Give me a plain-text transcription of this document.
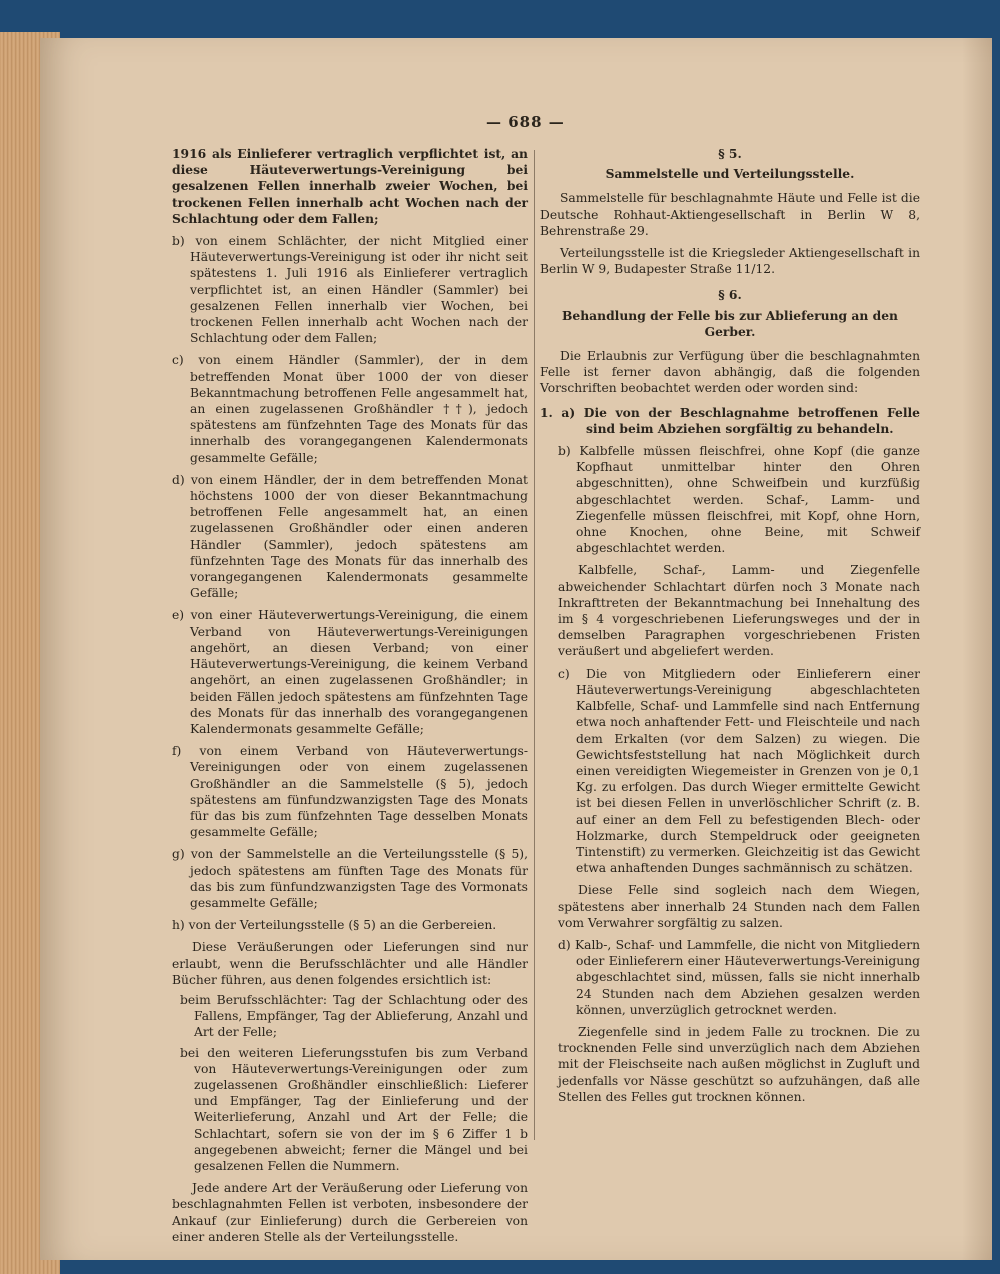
— 688 —

1916 als Einlieferer vertraglich verpflichtet ist, an diese Häuteverwertungs-Vereinigung bei gesalzenen Fellen innerhalb zweier Wochen, bei trockenen Fellen innerhalb acht Wochen nach der Schlachtung oder dem Fallen;

b) von einem Schlächter, der nicht Mitglied einer Häuteverwertungs-Vereinigung ist oder ihr nicht seit spätestens 1. Juli 1916 als Einlieferer vertraglich verpflichtet ist, an einen Händler (Sammler) bei gesalzenen Fellen innerhalb vier Wochen, bei trockenen Fellen innerhalb acht Wochen nach der Schlachtung oder dem Fallen;

c) von einem Händler (Sammler), der in dem betreffenden Monat über 1000 der von dieser Bekanntmachung betroffenen Felle angesammelt hat, an einen zugelassenen Großhändler ††), jedoch spätestens am fünfzehnten Tage des Monats für das innerhalb des vorangegangenen Kalendermonats gesammelte Gefälle;

d) von einem Händler, der in dem betreffenden Monat höchstens 1000 der von dieser Bekanntmachung betroffenen Felle angesammelt hat, an einen zugelassenen Großhändler oder einen anderen Händler (Sammler), jedoch spätestens am fünfzehnten Tage des Monats für das innerhalb des vorangegangenen Kalendermonats gesammelte Gefälle;

e) von einer Häuteverwertungs-Vereinigung, die einem Verband von Häuteverwertungs-Vereinigungen angehört, an diesen Verband; von einer Häuteverwertungs-Vereinigung, die keinem Verband angehört, an einen zugelassenen Großhändler; in beiden Fällen jedoch spätestens am fünfzehnten Tage des Monats für das innerhalb des vorangegangenen Kalendermonats gesammelte Gefälle;

f) von einem Verband von Häuteverwertungs-Vereinigungen oder von einem zugelassenen Großhändler an die Sammelstelle (§ 5), jedoch spätestens am fünfundzwanzigsten Tage des Monats für das bis zum fünfzehnten Tage desselben Monats gesammelte Gefälle;

g) von der Sammelstelle an die Verteilungsstelle (§ 5), jedoch spätestens am fünften Tage des Monats für das bis zum fünfundzwanzigsten Tage des Vormonats gesammelte Gefälle;

h) von der Verteilungsstelle (§ 5) an die Gerbereien.

Diese Veräußerungen oder Lieferungen sind nur erlaubt, wenn die Berufsschlächter und alle Händler Bücher führen, aus denen folgendes ersichtlich ist:

beim Berufsschlächter: Tag der Schlachtung oder des Fallens, Empfänger, Tag der Ablieferung, Anzahl und Art der Felle;

bei den weiteren Lieferungsstufen bis zum Verband von Häuteverwertungs-Vereinigungen oder zum zugelassenen Großhändler einschließlich: Lieferer und Empfänger, Tag der Einlieferung und der Weiterlieferung, Anzahl und Art der Felle; die Schlachtart, sofern sie von der im § 6 Ziffer 1 b angegebenen abweicht; ferner die Mängel und bei gesalzenen Fellen die Nummern.

Jede andere Art der Veräußerung oder Lieferung von beschlagnahmten Fellen ist verboten, insbesondere der Ankauf (zur Einlieferung) durch die Gerbereien von einer anderen Stelle als der Verteilungsstelle.

§ 5.

Sammelstelle und Verteilungsstelle.

Sammelstelle für beschlagnahmte Häute und Felle ist die Deutsche Rohhaut-Aktiengesellschaft in Berlin W 8, Behrenstraße 29.

Verteilungsstelle ist die Kriegsleder Aktiengesellschaft in Berlin W 9, Budapester Straße 11/12.

§ 6.

Behandlung der Felle bis zur Ablieferung an den Gerber.

Die Erlaubnis zur Verfügung über die beschlagnahmten Felle ist ferner davon abhängig, daß die folgenden Vorschriften beobachtet werden oder worden sind:

1. a) Die von der Beschlagnahme betroffenen Felle sind beim Abziehen sorgfältig zu behandeln.

b) Kalbfelle müssen fleischfrei, ohne Kopf (die ganze Kopfhaut unmittelbar hinter den Ohren abgeschnitten), ohne Schweifbein und kurzfüßig abgeschlachtet werden. Schaf-, Lamm- und Ziegenfelle müssen fleischfrei, mit Kopf, ohne Horn, ohne Knochen, ohne Beine, mit Schweif abgeschlachtet werden.

Kalbfelle, Schaf-, Lamm- und Ziegenfelle abweichender Schlachtart dürfen noch 3 Monate nach Inkrafttreten der Bekanntmachung bei Innehaltung des im § 4 vorgeschriebenen Lieferungsweges und der in demselben Paragraphen vorgeschriebenen Fristen veräußert und abgeliefert werden.

c) Die von Mitgliedern oder Einlieferern einer Häuteverwertungs-Vereinigung abgeschlachteten Kalbfelle, Schaf- und Lammfelle sind nach Entfernung etwa noch anhaftender Fett- und Fleischteile und nach dem Erkalten (vor dem Salzen) zu wiegen. Die Gewichtsfeststellung hat nach Möglichkeit durch einen vereidigten Wiegemeister in Grenzen von je 0,1 Kg. zu erfolgen. Das durch Wieger ermittelte Gewicht ist bei diesen Fellen in unverlöschlicher Schrift (z. B. auf einer an dem Fell zu befestigenden Blech- oder Holzmarke, durch Stempeldruck oder geeigneten Tintenstift) zu vermerken. Gleichzeitig ist das Gewicht etwa anhaftenden Dunges sachmännisch zu schätzen.

Diese Felle sind sogleich nach dem Wiegen, spätestens aber innerhalb 24 Stunden nach dem Fallen vom Verwahrer sorgfältig zu salzen.

d) Kalb-, Schaf- und Lammfelle, die nicht von Mitgliedern oder Einlieferern einer Häuteverwertungs-Vereinigung abgeschlachtet sind, müssen, falls sie nicht innerhalb 24 Stunden nach dem Abziehen gesalzen werden können, unverzüglich getrocknet werden.

Ziegenfelle sind in jedem Falle zu trocknen. Die zu trocknenden Felle sind unverzüglich nach dem Abziehen mit der Fleischseite nach außen möglichst in Zugluft und jedenfalls vor Nässe geschützt so aufzuhängen, daß alle Stellen des Felles gut trocknen können.
